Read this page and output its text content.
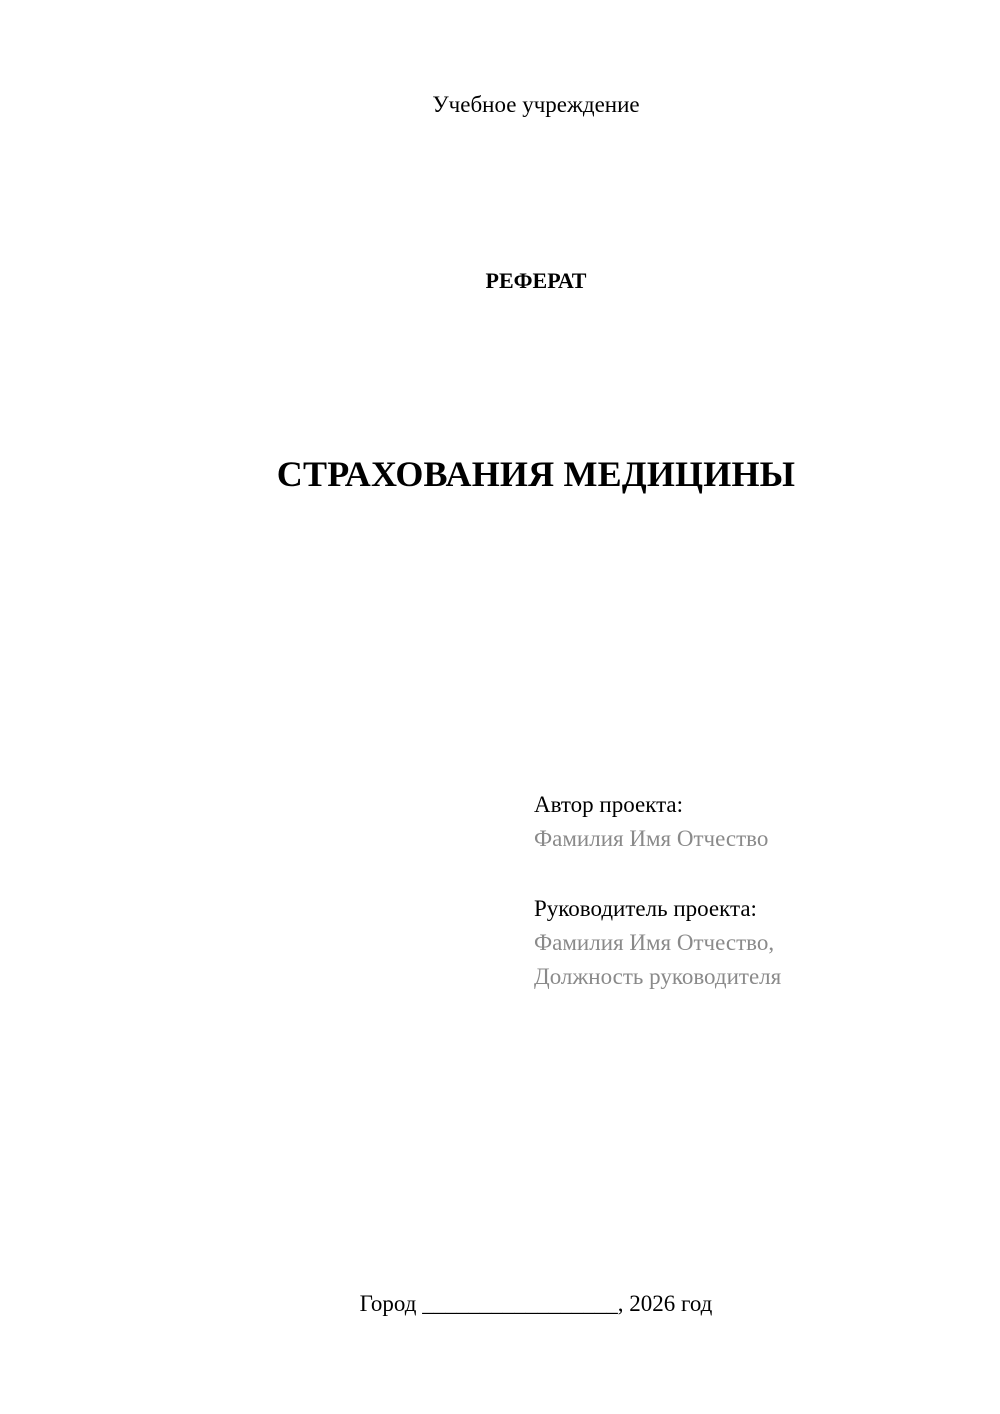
Учебное учреждение
РЕФЕРАТ
СТРАХОВАНИЯ МЕДИЦИНЫ

Автор проекта:

Фамилия Имя Отчество

Руководитель проекта:

Фамилия Имя Отчество,

Должность руководителя

Город _________________, 2026 год
